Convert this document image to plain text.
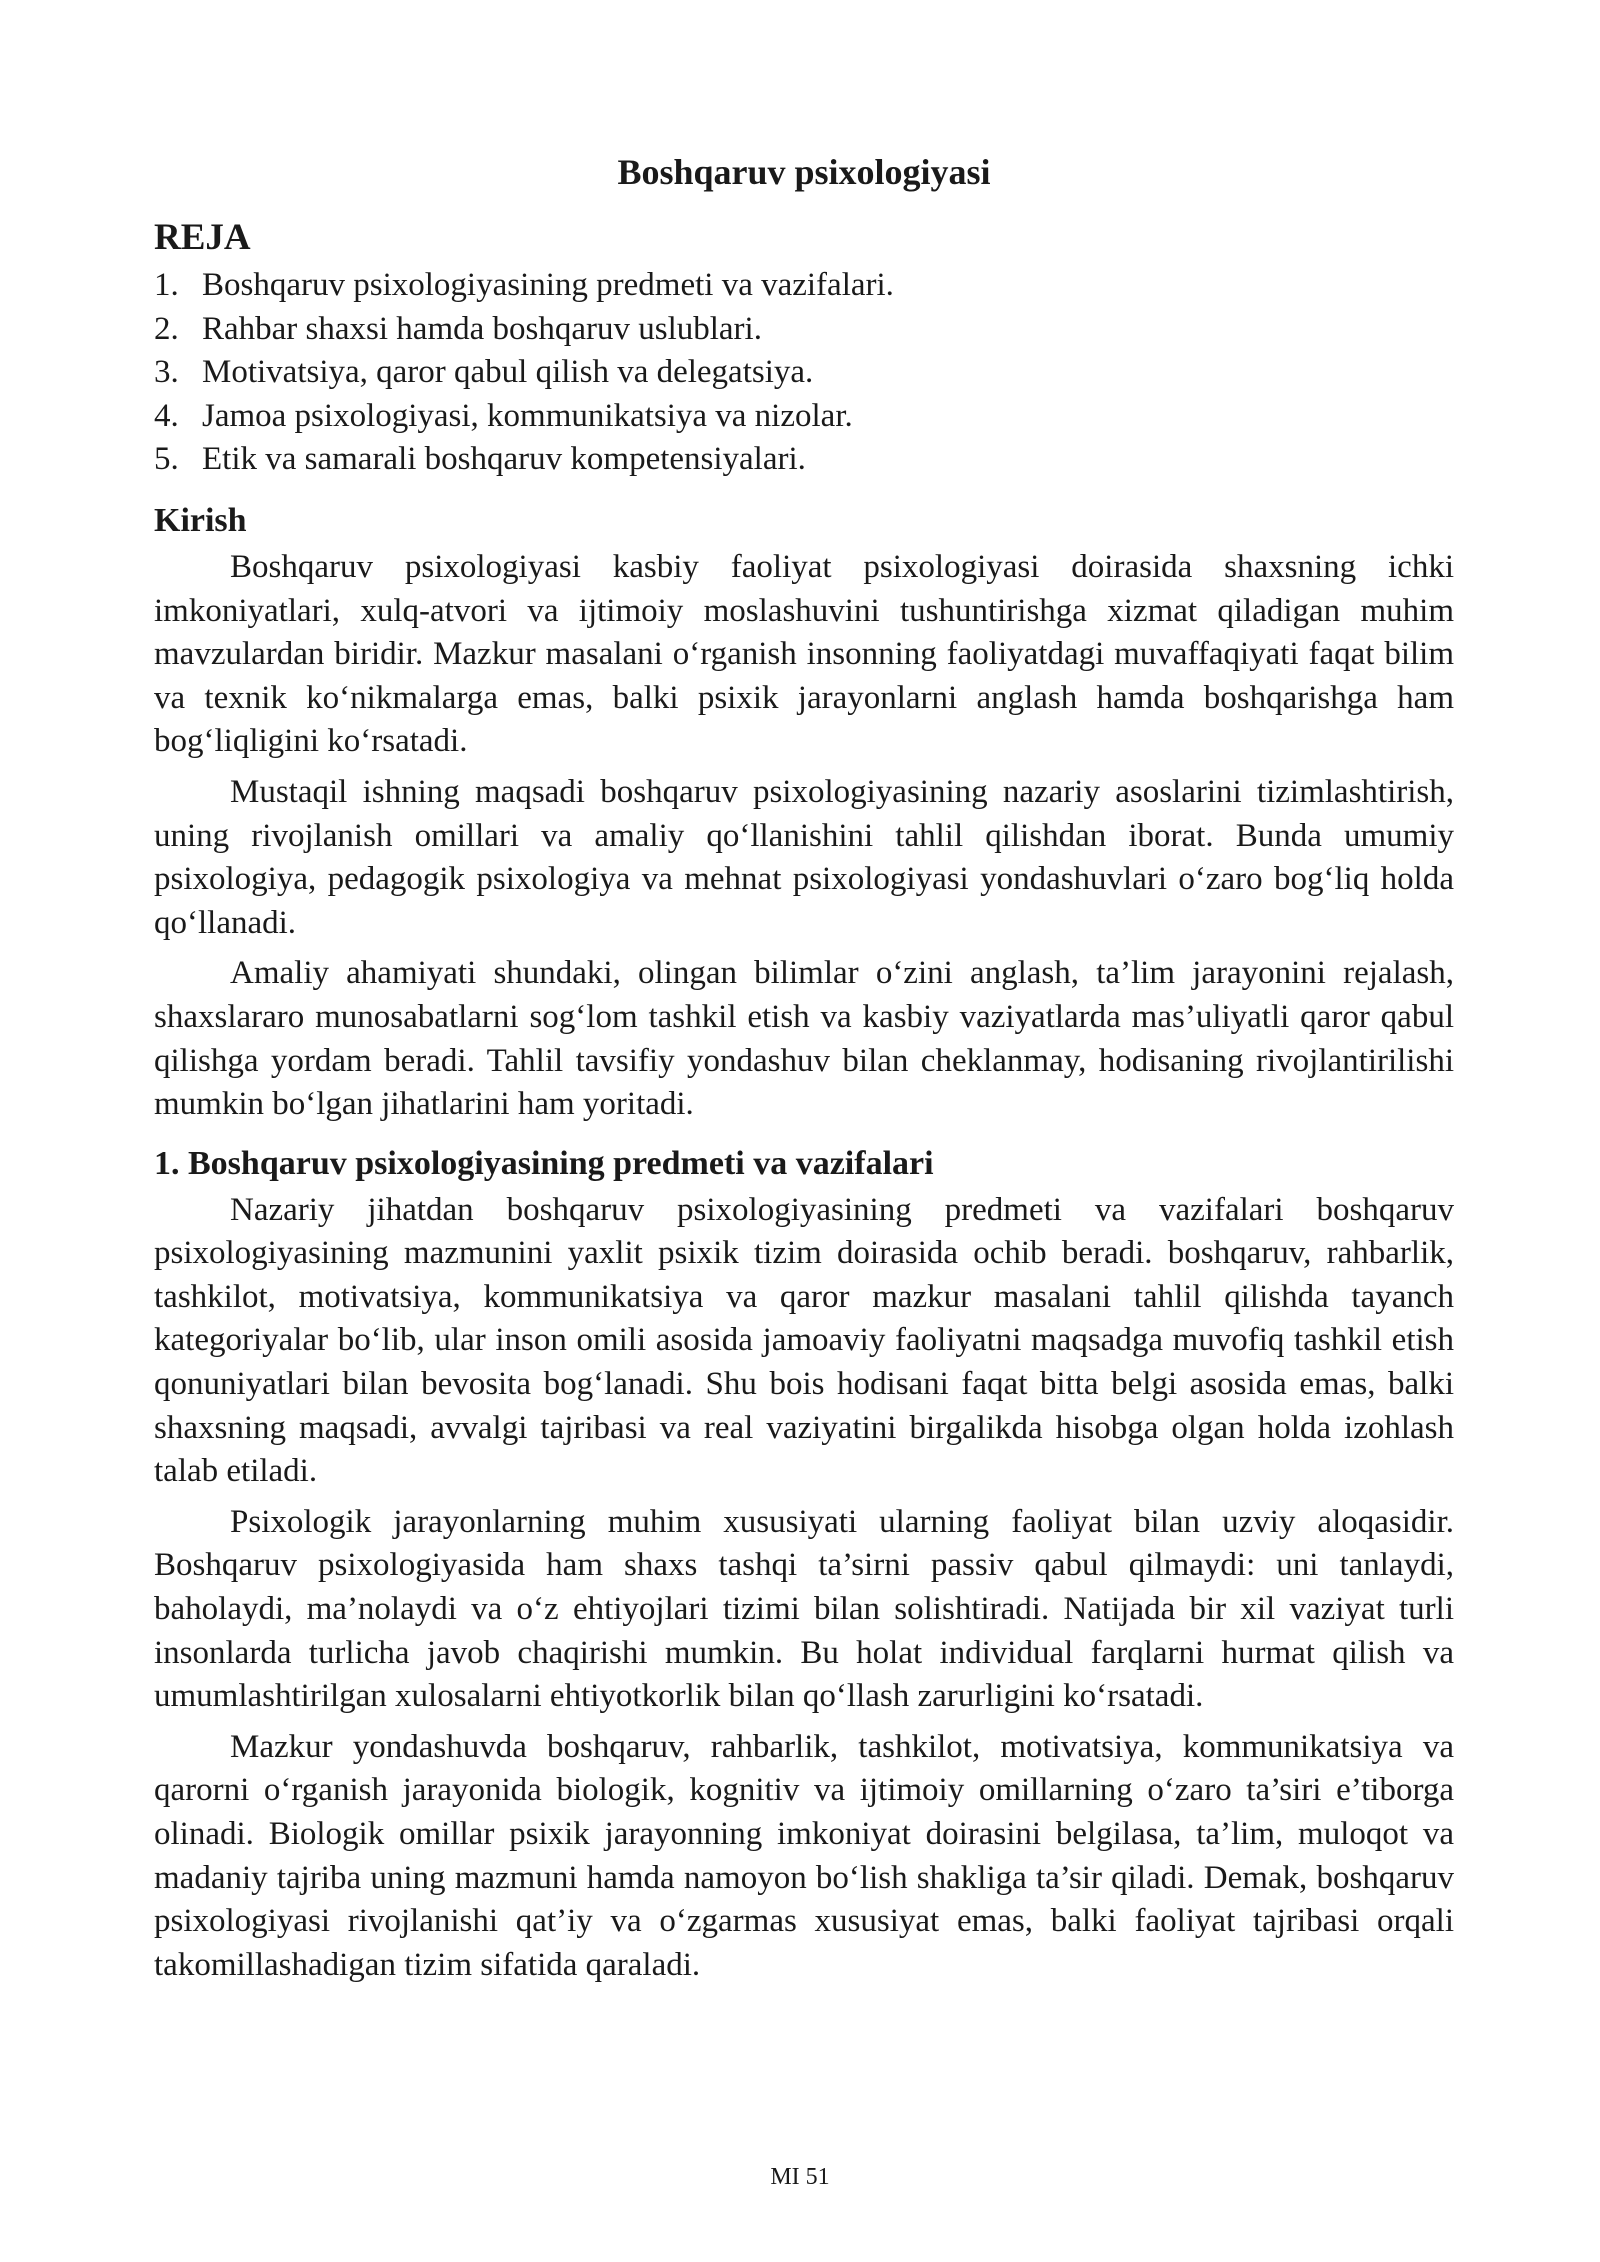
Boshqaruv psixologiyasi
REJA
1. Boshqaruv psixologiyasining predmeti va vazifalari.
2. Rahbar shaxsi hamda boshqaruv uslublari.
3. Motivatsiya, qaror qabul qilish va delegatsiya.
4. Jamoa psixologiyasi, kommunikatsiya va nizolar.
5. Etik va samarali boshqaruv kompetensiyalari.
Kirish

Boshqaruv psixologiyasi kasbiy faoliyat psixologiyasi doirasida shaxsning ichki imkoniyatlari, xulq-atvori va ijtimoiy moslashuvini tushuntirishga xizmat qiladigan muhim mavzulardan biridir. Mazkur masalani o‘rganish insonning faoliyatdagi muvaffaqiyati faqat bilim va texnik ko‘nikmalarga emas, balki psixik jarayonlarni anglash hamda boshqarishga ham bog‘liqligini ko‘rsatadi.

Mustaqil ishning maqsadi boshqaruv psixologiyasining nazariy asoslarini tizimlashtirish, uning rivojlanish omillari va amaliy qo‘llanishini tahlil qilishdan iborat. Bunda umumiy psixologiya, pedagogik psixologiya va mehnat psixologiyasi yondashuvlari o‘zaro bog‘liq holda qo‘llanadi.

Amaliy ahamiyati shundaki, olingan bilimlar o‘zini anglash, ta’lim jarayonini rejalash, shaxslararo munosabatlarni sog‘lom tashkil etish va kasbiy vaziyatlarda mas’uliyatli qaror qabul qilishga yordam beradi. Tahlil tavsifiy yondashuv bilan cheklanmay, hodisaning rivojlantirilishi mumkin bo‘lgan jihatlarini ham yoritadi.

1. Boshqaruv psixologiyasining predmeti va vazifalari

Nazariy jihatdan boshqaruv psixologiyasining predmeti va vazifalari boshqaruv psixologiyasining mazmunini yaxlit psixik tizim doirasida ochib beradi. boshqaruv, rahbarlik, tashkilot, motivatsiya, kommunikatsiya va qaror mazkur masalani tahlil qilishda tayanch kategoriyalar bo‘lib, ular inson omili asosida jamoaviy faoliyatni maqsadga muvofiq tashkil etish qonuniyatlari bilan bevosita bog‘lanadi. Shu bois hodisani faqat bitta belgi asosida emas, balki shaxsning maqsadi, avvalgi tajribasi va real vaziyatini birgalikda hisobga olgan holda izohlash talab etiladi.

Psixologik jarayonlarning muhim xususiyati ularning faoliyat bilan uzviy aloqasidir. Boshqaruv psixologiyasida ham shaxs tashqi ta’sirni passiv qabul qilmaydi: uni tanlaydi, baholaydi, ma’nolaydi va o‘z ehtiyojlari tizimi bilan solishtiradi. Natijada bir xil vaziyat turli insonlarda turlicha javob chaqirishi mumkin. Bu holat individual farqlarni hurmat qilish va umumlashtirilgan xulosalarni ehtiyotkorlik bilan qo‘llash zarurligini ko‘rsatadi.

Mazkur yondashuvda boshqaruv, rahbarlik, tashkilot, motivatsiya, kommunikatsiya va qarorni o‘rganish jarayonida biologik, kognitiv va ijtimoiy omillarning o‘zaro ta’siri e’tiborga olinadi. Biologik omillar psixik jarayonning imkoniyat doirasini belgilasa, ta’lim, muloqot va madaniy tajriba uning mazmuni hamda namoyon bo‘lish shakliga ta’sir qiladi. Demak, boshqaruv psixologiyasi rivojlanishi qat’iy va o‘zgarmas xususiyat emas, balki faoliyat tajribasi orqali takomillashadigan tizim sifatida qaraladi.

MI 51
